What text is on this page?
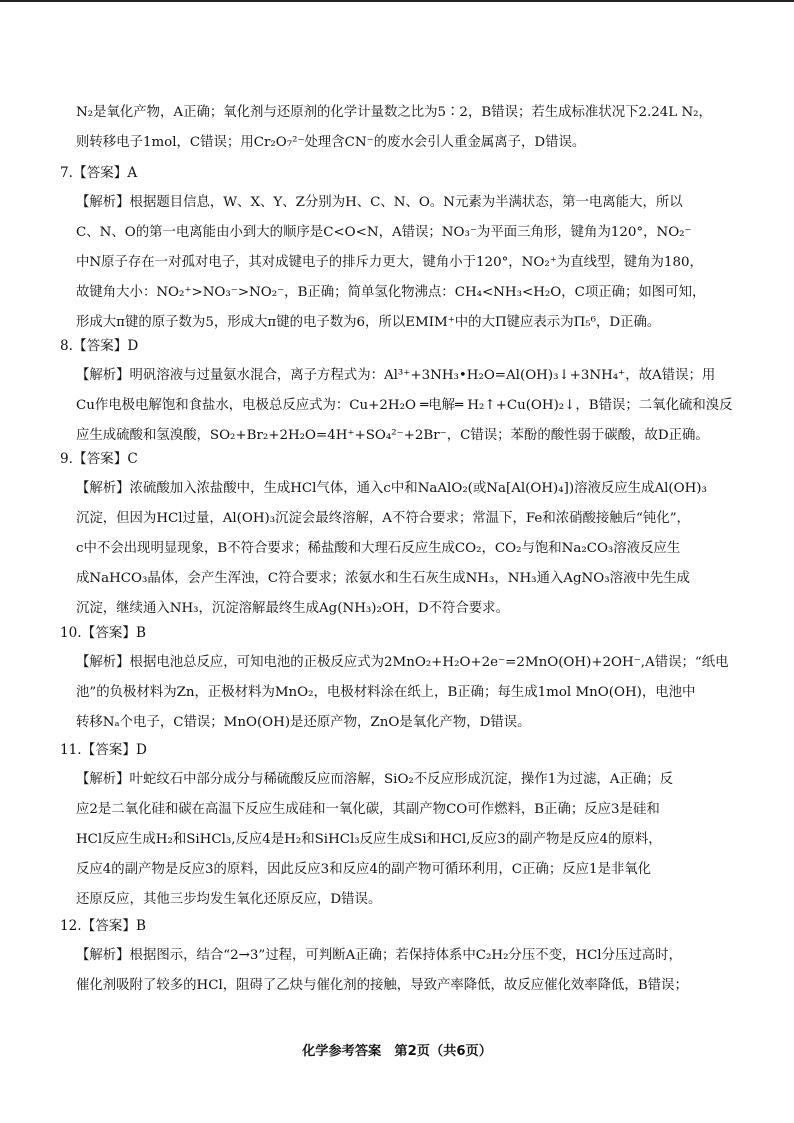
N₂是氧化产物，A正确；氧化剂与还原剂的化学计量数之比为5∶2，B错误；若生成标准状况下2.24L N₂，
则转移电子1mol，C错误；用Cr₂O₇²⁻处理含CN⁻的废水会引人重金属离子，D错误。
7.【答案】A
【解析】根据题目信息，W、X、Y、Z分别为H、C、N、O。N元素为半满状态，第一电离能大，所以
C、N、O的第一电离能由小到大的顺序是C<O<N，A错误；NO₃⁻为平面三角形，键角为120°，NO₂⁻
中N原子存在一对孤对电子，其对成键电子的排斥力更大，键角小于120°，NO₂⁺为直线型，键角为180，
故键角大小：NO₂⁺>NO₃⁻>NO₂⁻，B正确；简单氢化物沸点：CH₄<NH₃<H₂O，C项正确；如图可知，
形成大π键的原子数为5，形成大π键的电子数为6，所以EMIM⁺中的大Π键应表示为Π₅⁶，D正确。
8.【答案】D
【解析】明矾溶液与过量氨水混合，离子方程式为：Al³⁺+3NH₃•H₂O=Al(OH)₃↓+3NH₄⁺，故A错误；用
Cu作电极电解饱和食盐水，电极总反应式为：Cu+2H₂O ═电解═ H₂↑+Cu(OH)₂↓，B错误；二氧化硫和溴反
应生成硫酸和氢溴酸，SO₂+Br₂+2H₂O=4H⁺+SO₄²⁻+2Br⁻，C错误；苯酚的酸性弱于碳酸，故D正确。
9.【答案】C
【解析】浓硫酸加入浓盐酸中，生成HCl气体，通入c中和NaAlO₂(或Na[Al(OH)₄])溶液反应生成Al(OH)₃
沉淀，但因为HCl过量，Al(OH)₃沉淀会最终溶解，A不符合要求；常温下，Fe和浓硝酸接触后“钝化”，
c中不会出现明显现象，B不符合要求；稀盐酸和大理石反应生成CO₂，CO₂与饱和Na₂CO₃溶液反应生
成NaHCO₃晶体，会产生浑浊，C符合要求；浓氨水和生石灰生成NH₃，NH₃通入AgNO₃溶液中先生成
沉淀，继续通入NH₃，沉淀溶解最终生成Ag(NH₃)₂OH，D不符合要求。
10.【答案】B
【解析】根据电池总反应，可知电池的正极反应式为2MnO₂+H₂O+2e⁻=2MnO(OH)+2OH⁻,A错误；“纸电
池”的负极材料为Zn，正极材料为MnO₂，电极材料涂在纸上，B正确；每生成1mol MnO(OH)，电池中
转移Nₐ个电子，C错误；MnO(OH)是还原产物，ZnO是氧化产物，D错误。
11.【答案】D
【解析】叶蛇纹石中部分成分与稀硫酸反应而溶解，SiO₂不反应形成沉淀，操作1为过滤，A正确；反
应2是二氧化硅和碳在高温下反应生成硅和一氧化碳，其副产物CO可作燃料，B正确；反应3是硅和
HCl反应生成H₂和SiHCl₃,反应4是H₂和SiHCl₃反应生成Si和HCl,反应3的副产物是反应4的原料，
反应4的副产物是反应3的原料，因此反应3和反应4的副产物可循环利用，C正确；反应1是非氧化
还原反应，其他三步均发生氧化还原反应，D错误。
12.【答案】B
【解析】根据图示，结合“2→3”过程，可判断A正确；若保持体系中C₂H₂分压不变，HCl分压过高时，
催化剂吸附了较多的HCl，阻碍了乙炔与催化剂的接触，导致产率降低，故反应催化效率降低，B错误；
化学参考答案　第2页（共6页）
